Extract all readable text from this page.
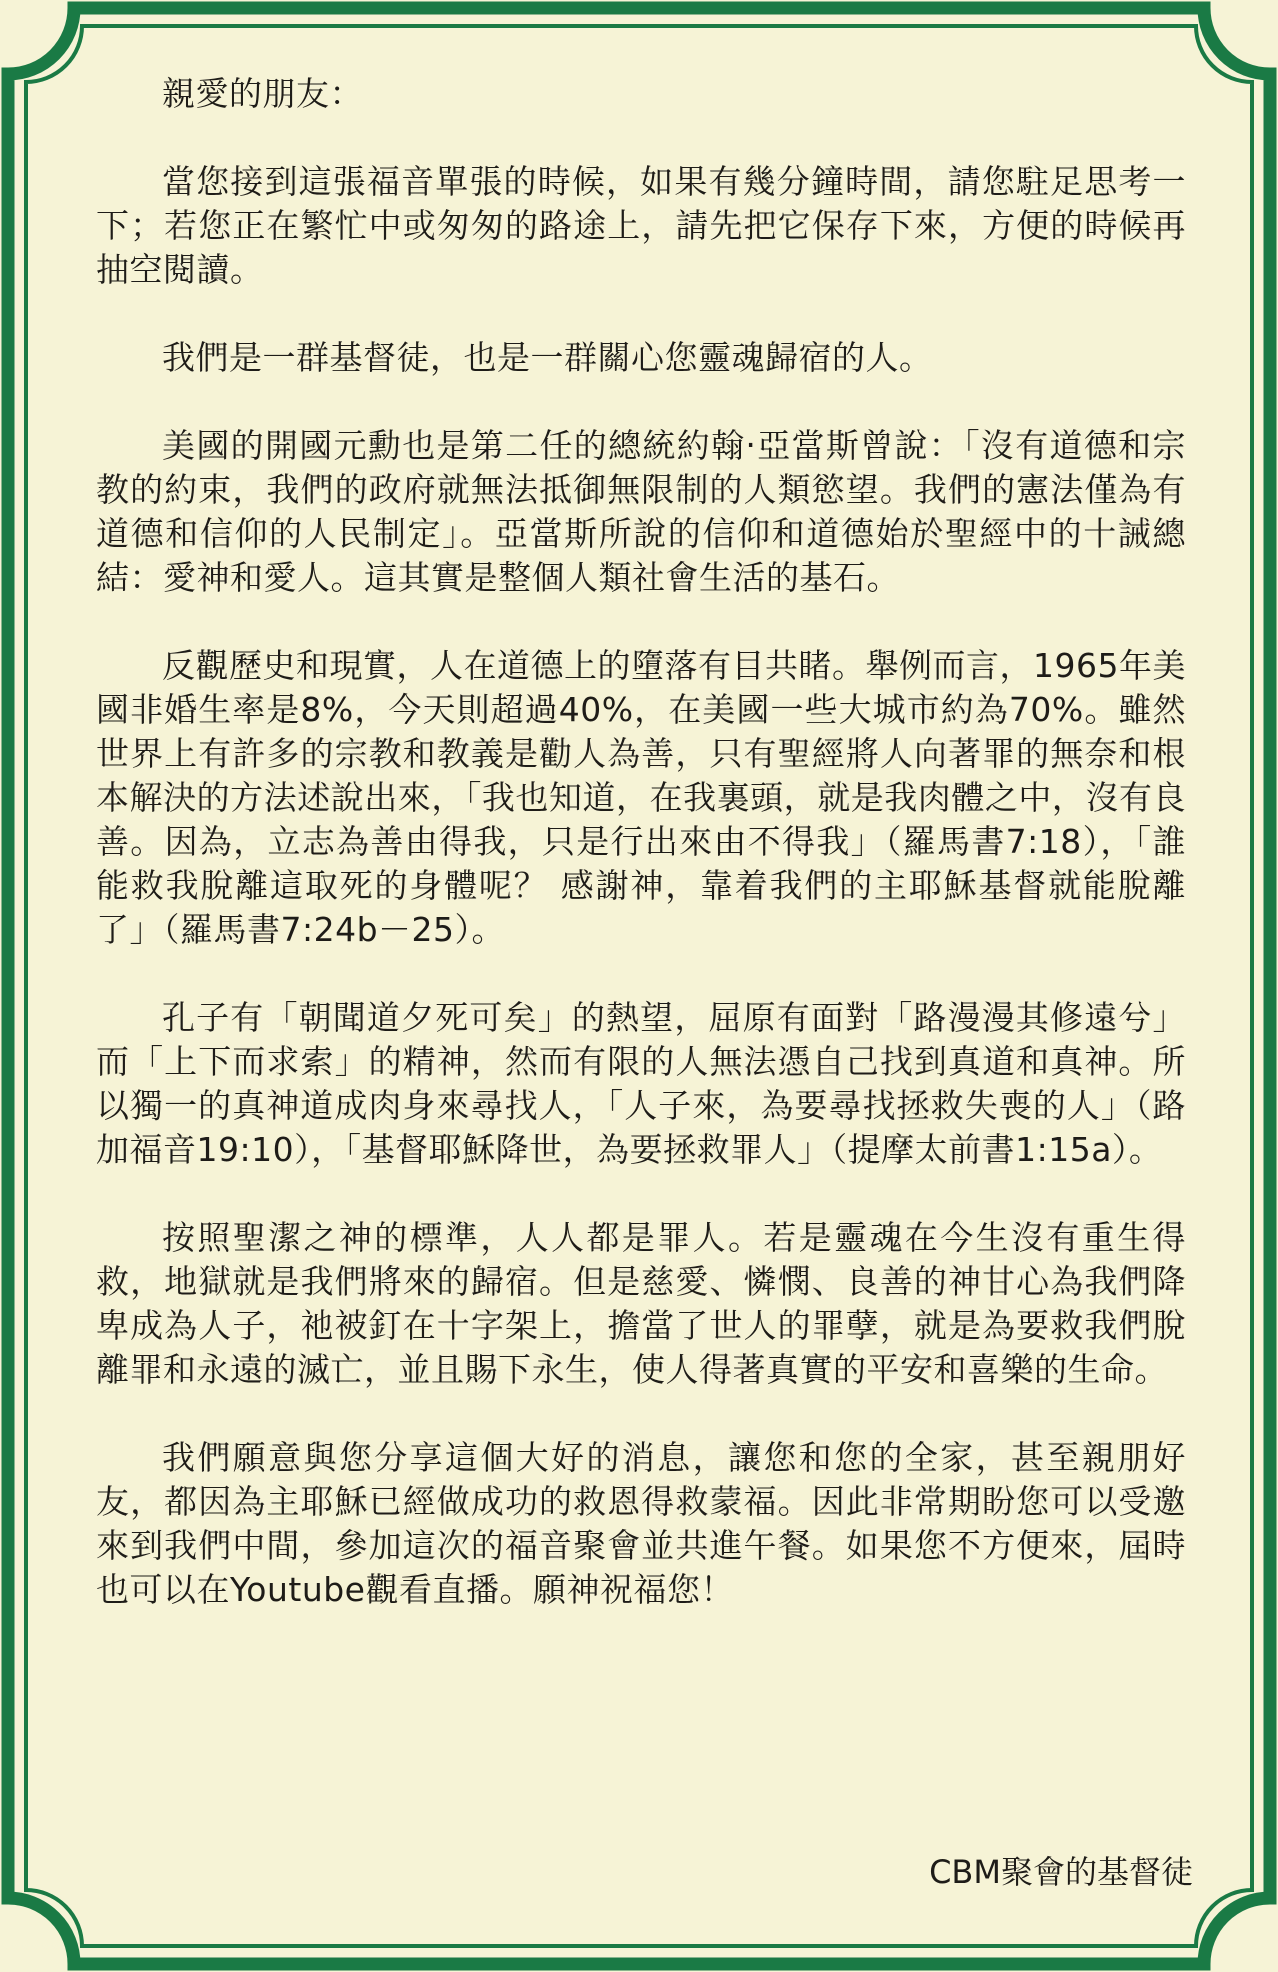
親愛的朋友：

當您接到這張福音單張的時候，如果有幾分鐘時間，請您駐足思考一下；若您正在繁忙中或匆匆的路途上，請先把它保存下來，方便的時候再抽空閱讀。

我們是一群基督徒，也是一群關心您靈魂歸宿的人。

美國的開國元勳也是第二任的總統約翰‧亞當斯曾說：「沒有道德和宗教的約束，我們的政府就無法抵御無限制的人類慾望。我們的憲法僅為有道德和信仰的人民制定」。亞當斯所說的信仰和道德始於聖經中的十誡總結：愛神和愛人。這其實是整個人類社會生活的基石。

反觀歷史和現實，人在道德上的墮落有目共睹。舉例而言，1965年美國非婚生率是8%，今天則超過40%，在美國一些大城市約為70%。雖然世界上有許多的宗教和教義是勸人為善，只有聖經將人向著罪的無奈和根本解決的方法述說出來，「我也知道，在我裏頭，就是我肉體之中，沒有良善。因為，立志為善由得我，只是行出來由不得我」（羅馬書7:18），「誰能救我脫離這取死的身體呢？ 感謝神，靠着我們的主耶穌基督就能脫離了」（羅馬書7:24b－25）。

孔子有「朝聞道夕死可矣」的熱望，屈原有面對「路漫漫其修遠兮」而「上下而求索」的精神，然而有限的人無法憑自己找到真道和真神。所以獨一的真神道成肉身來尋找人，「人子來，為要尋找拯救失喪的人」（路加福音19:10），「基督耶穌降世，為要拯救罪人」（提摩太前書1:15a）。

按照聖潔之神的標準，人人都是罪人。若是靈魂在今生沒有重生得救，地獄就是我們將來的歸宿。但是慈愛、憐憫、良善的神甘心為我們降卑成為人子，祂被釘在十字架上，擔當了世人的罪孽，就是為要救我們脫離罪和永遠的滅亡，並且賜下永生，使人得著真實的平安和喜樂的生命。

我們願意與您分享這個大好的消息，讓您和您的全家，甚至親朋好友，都因為主耶穌已經做成功的救恩得救蒙福。因此非常期盼您可以受邀來到我們中間，參加這次的福音聚會並共進午餐。如果您不方便來，屆時也可以在Youtube觀看直播。願神祝福您！

CBM聚會的基督徒
